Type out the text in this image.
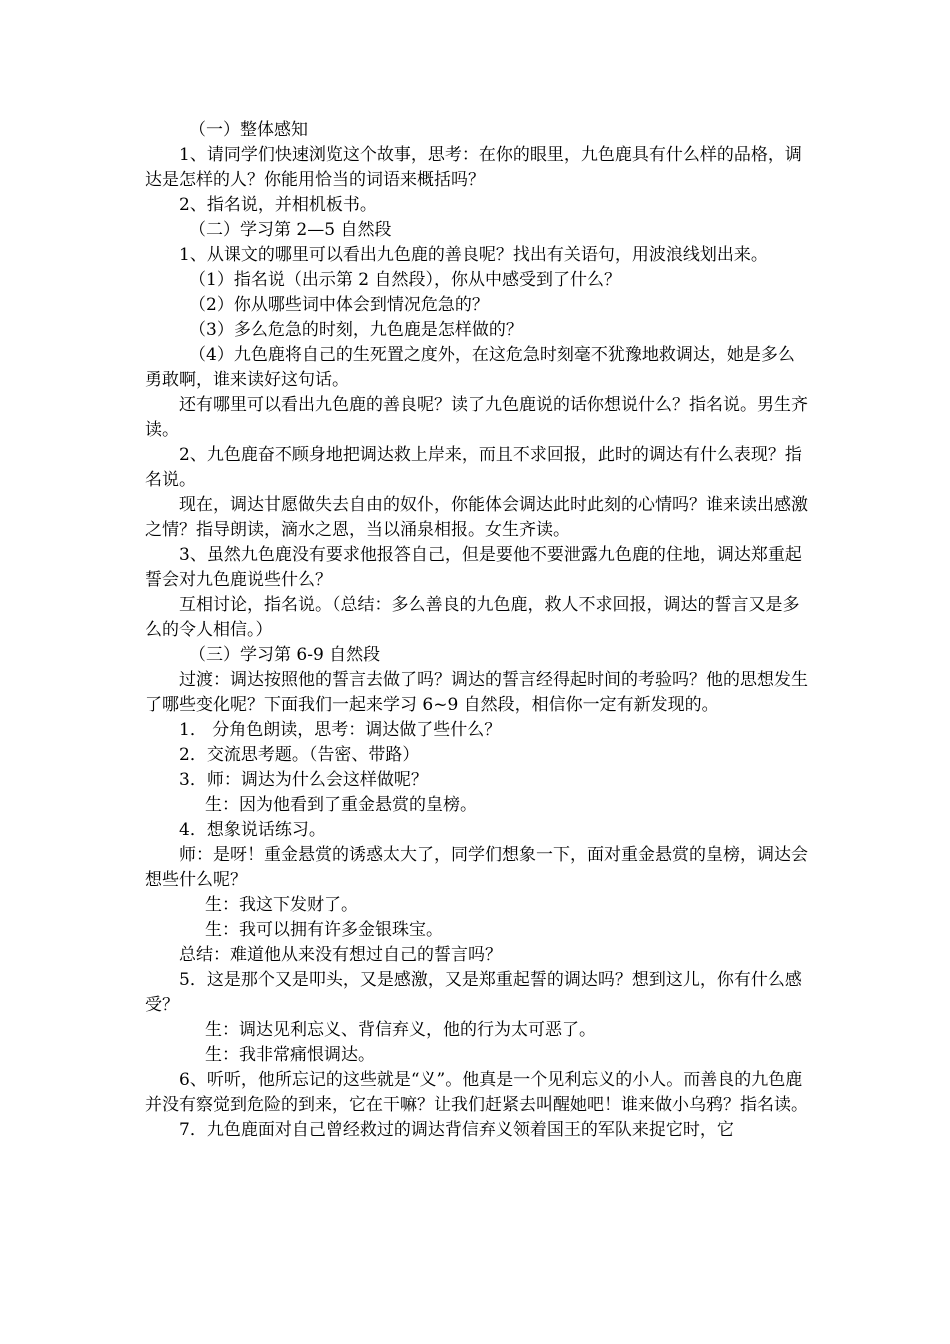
（一）整体感知

1、请同学们快速浏览这个故事，思考：在你的眼里，九色鹿具有什么样的品格，调达是怎样的人？你能用恰当的词语来概括吗？

2、指名说，并相机板书。

（二）学习第 2—5 自然段

1、从课文的哪里可以看出九色鹿的善良呢？找出有关语句，用波浪线划出来。

（1）指名说（出示第 2 自然段），你从中感受到了什么？

（2）你从哪些词中体会到情况危急的？

（3）多么危急的时刻，九色鹿是怎样做的？

（4）九色鹿将自己的生死置之度外，在这危急时刻毫不犹豫地救调达，她是多么勇敢啊，谁来读好这句话。

还有哪里可以看出九色鹿的善良呢？读了九色鹿说的话你想说什么？指名说。男生齐读。

2、九色鹿奋不顾身地把调达救上岸来，而且不求回报，此时的调达有什么表现？指名说。

现在，调达甘愿做失去自由的奴仆，你能体会调达此时此刻的心情吗？谁来读出感激之情？指导朗读，滴水之恩，当以涌泉相报。女生齐读。

3、虽然九色鹿没有要求他报答自己，但是要他不要泄露九色鹿的住地，调达郑重起誓会对九色鹿说些什么？

互相讨论，指名说。（总结：多么善良的九色鹿，救人不求回报，调达的誓言又是多么的令人相信。）

（三）学习第 6-9 自然段

过渡：调达按照他的誓言去做了吗？调达的誓言经得起时间的考验吗？他的思想发生了哪些变化呢？下面我们一起来学习 6~9 自然段，相信你一定有新发现的。

1． 分角色朗读，思考：调达做了些什么？

2．交流思考题。（告密、带路）

3．师：调达为什么会这样做呢？

生：因为他看到了重金悬赏的皇榜。

4．想象说话练习。

师：是呀！重金悬赏的诱惑太大了，同学们想象一下，面对重金悬赏的皇榜，调达会想些什么呢？

生：我这下发财了。

生：我可以拥有许多金银珠宝。

总结：难道他从来没有想过自己的誓言吗？

5．这是那个又是叩头，又是感激，又是郑重起誓的调达吗？想到这儿，你有什么感受？

生：调达见利忘义、背信弃义，他的行为太可恶了。

生：我非常痛恨调达。

6、听听，他所忘记的这些就是“义”。他真是一个见利忘义的小人。而善良的九色鹿并没有察觉到危险的到来，它在干嘛？让我们赶紧去叫醒她吧！谁来做小乌鸦？指名读。

7．九色鹿面对自己曾经救过的调达背信弃义领着国王的军队来捉它时，它
